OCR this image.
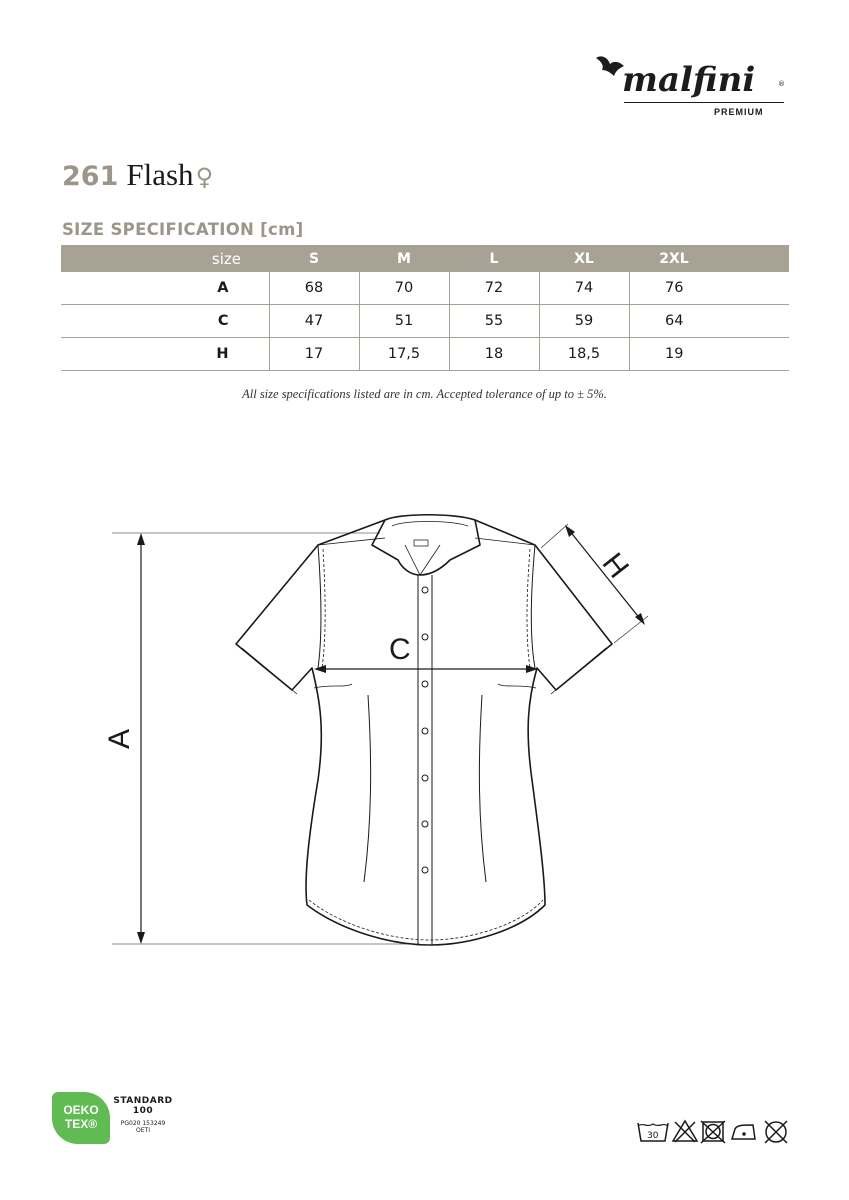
malfini	®
PREMIUM
261 Flash ♀
SIZE SPECIFICATION [cm]
size	S	M	L	XL	2XL	
A	68	70	72	74	76	
C	47	51	55	59	64	
H	17	17,5	18	18,5	19	
All size specifications listed are in cm. Accepted tolerance of up to ± 5%.
A
C
H
OEKO
TEX®
STANDARD
100
PG020 153249
OETI
30
